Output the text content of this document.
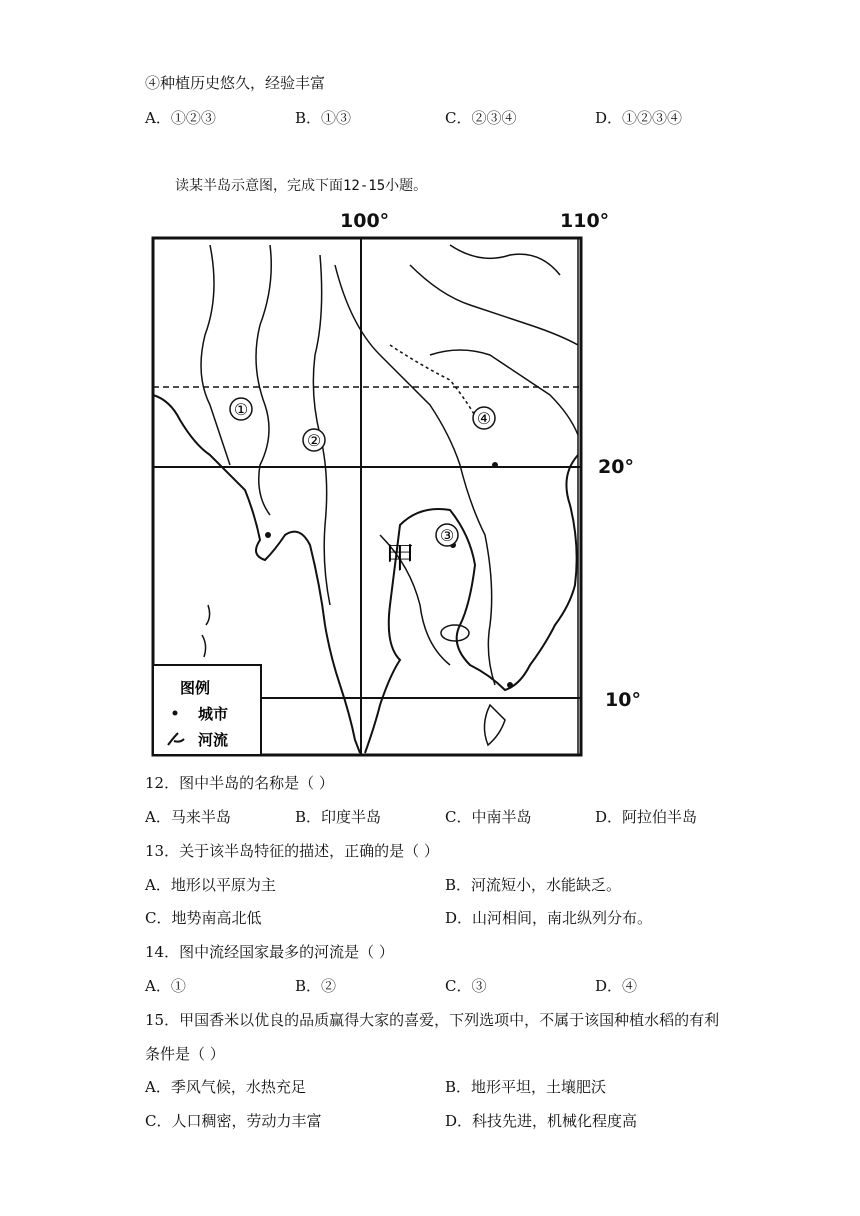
④种植历史悠久，经验丰富
A．①②③	B．①③	C．②③④	D．①②③④
读某半岛示意图，完成下面12-15小题。
①
②
③
④
甲
图例
城市
河流
100°	110°
20°
10°
12．图中半岛的名称是（ ）
A．马来半岛	B．印度半岛	C．中南半岛	D．阿拉伯半岛
13．关于该半岛特征的描述，正确的是（ ）
A．地形以平原为主	B．河流短小，水能缺乏。
C．地势南高北低	D．山河相间，南北纵列分布。
14．图中流经国家最多的河流是（ ）
A．①	B．②	C．③	D．④
15．甲国香米以优良的品质赢得大家的喜爱，下列选项中，不属于该国种植水稻的有利
条件是（ ）
A．季风气候，水热充足	B．地形平坦，土壤肥沃
C．人口稠密，劳动力丰富	D．科技先进，机械化程度高
